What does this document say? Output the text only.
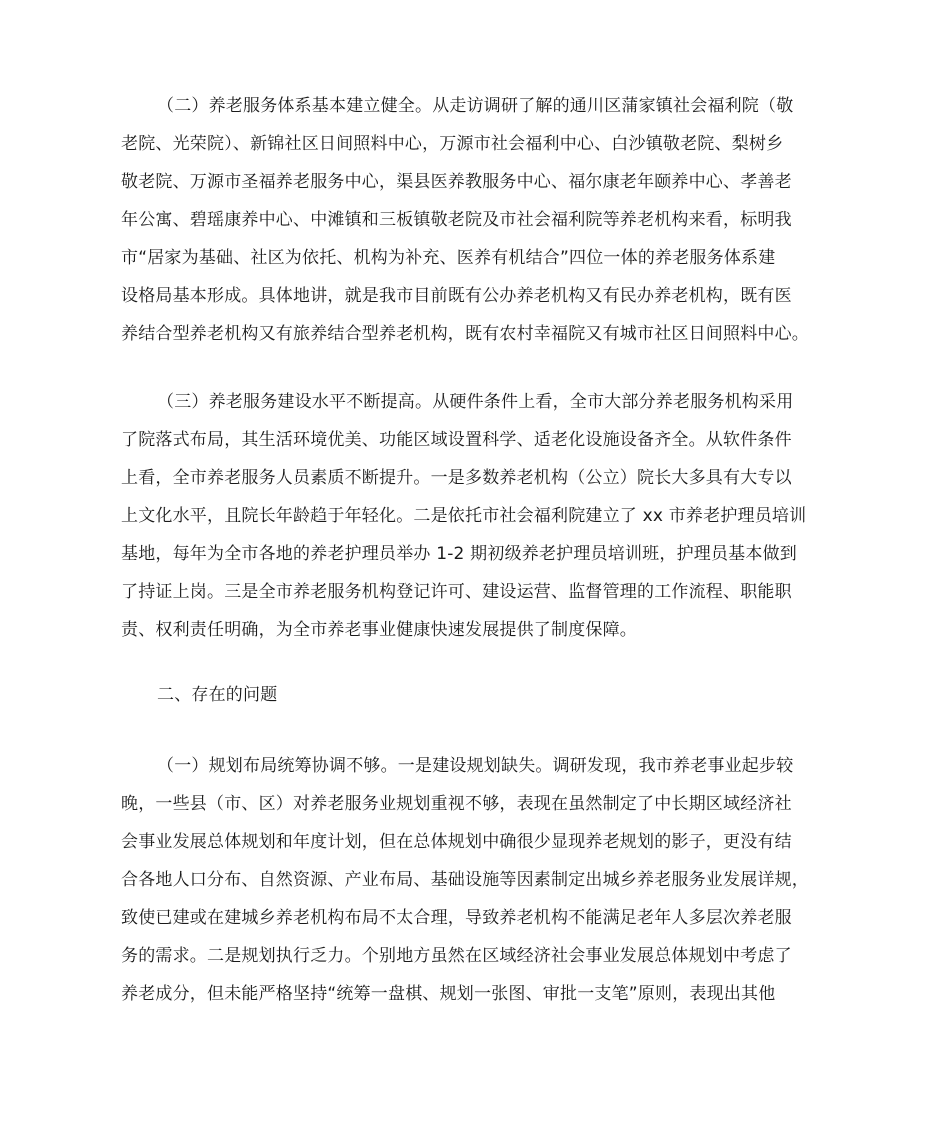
（二）养老服务体系基本建立健全。从走访调研了解的通川区蒲家镇社会福利院（敬
老院、光荣院）、新锦社区日间照料中心，万源市社会福利中心、白沙镇敬老院、梨树乡
敬老院、万源市圣福养老服务中心，渠县医养教服务中心、福尔康老年颐养中心、孝善老
年公寓、碧瑶康养中心、中滩镇和三板镇敬老院及市社会福利院等养老机构来看，标明我
市“居家为基础、社区为依托、机构为补充、医养有机结合”四位一体的养老服务体系建
设格局基本形成。具体地讲，就是我市目前既有公办养老机构又有民办养老机构，既有医
养结合型养老机构又有旅养结合型养老机构，既有农村幸福院又有城市社区日间照料中心。
（三）养老服务建设水平不断提高。从硬件条件上看，全市大部分养老服务机构采用
了院落式布局，其生活环境优美、功能区域设置科学、适老化设施设备齐全。从软件条件
上看，全市养老服务人员素质不断提升。一是多数养老机构（公立）院长大多具有大专以
上文化水平，且院长年龄趋于年轻化。二是依托市社会福利院建立了 xx 市养老护理员培训
基地，每年为全市各地的养老护理员举办 1-2 期初级养老护理员培训班，护理员基本做到
了持证上岗。三是全市养老服务机构登记许可、建设运营、监督管理的工作流程、职能职
责、权利责任明确，为全市养老事业健康快速发展提供了制度保障。
二、存在的问题
（一）规划布局统筹协调不够。一是建设规划缺失。调研发现，我市养老事业起步较
晚，一些县（市、区）对养老服务业规划重视不够，表现在虽然制定了中长期区域经济社
会事业发展总体规划和年度计划，但在总体规划中确很少显现养老规划的影子，更没有结
合各地人口分布、自然资源、产业布局、基础设施等因素制定出城乡养老服务业发展详规，
致使已建或在建城乡养老机构布局不太合理，导致养老机构不能满足老年人多层次养老服
务的需求。二是规划执行乏力。个别地方虽然在区域经济社会事业发展总体规划中考虑了
养老成分，但未能严格坚持“统筹一盘棋、规划一张图、审批一支笔”原则，表现出其他
